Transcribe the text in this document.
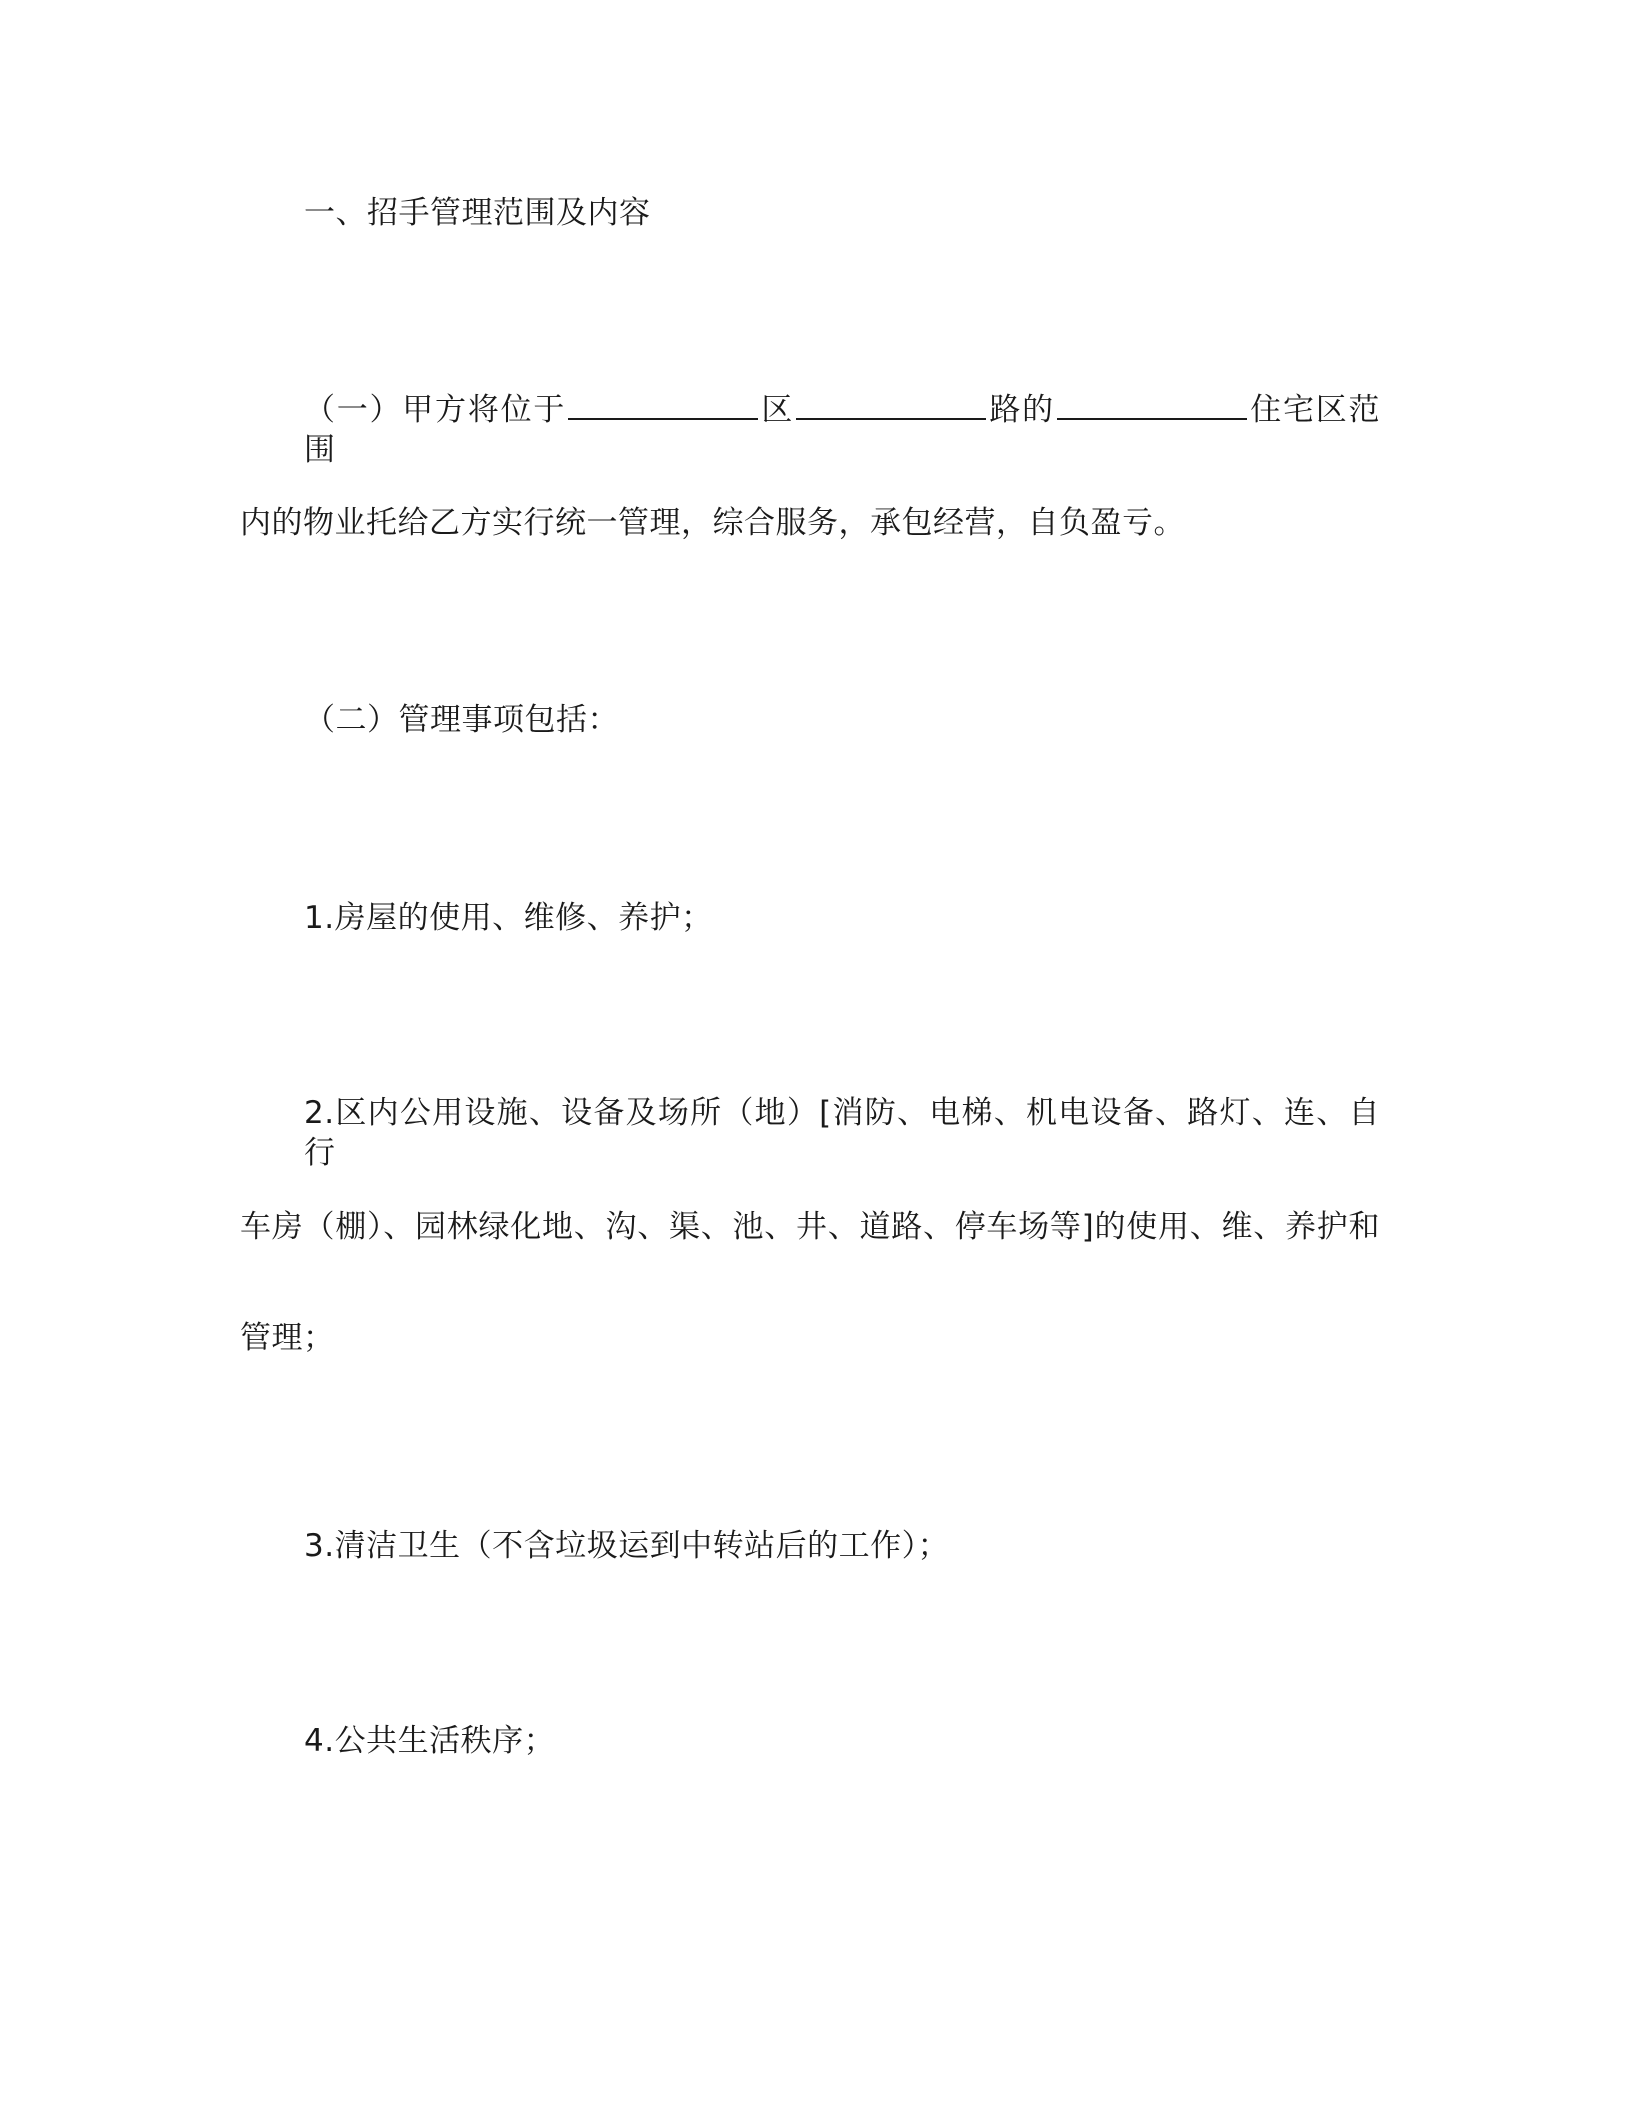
一、招手管理范围及内容
（一）甲方将位于	区	路的	住宅区范围
内的物业托给乙方实行统一管理，综合服务，承包经营，自负盈亏。
（二）管理事项包括：
1.房屋的使用、维修、养护；
2.区内公用设施、设备及场所（地）[消防、电梯、机电设备、路灯、连、自行
车房（棚）、园林绿化地、沟、渠、池、井、道路、停车场等]的使用、维、养护和
管理；
3.清洁卫生（不含垃圾运到中转站后的工作）；
4.公共生活秩序；
